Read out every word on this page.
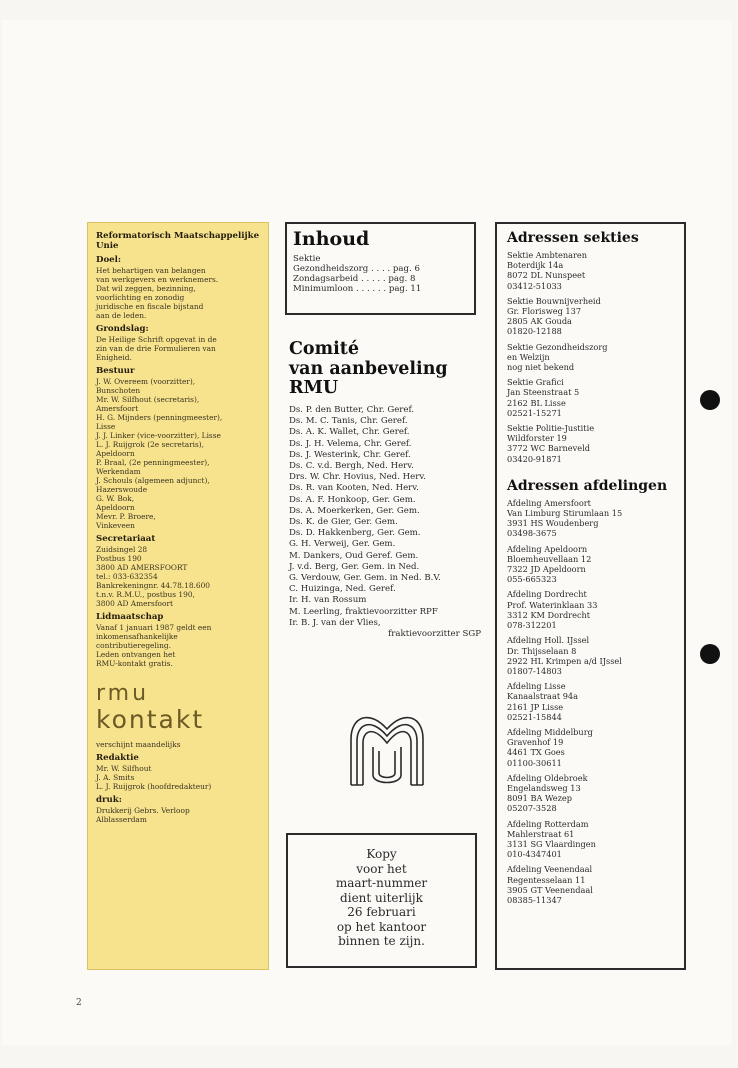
Reformatorisch Maatschappelijke Unie
Doel:

Het behartigen van belangen
van werkgevers en werknemers.
Dat wil zeggen, bezinning,
voorlichting en zonodig
juridische en fiscale bijstand
aan de leden.

Grondslag:

De Heilige Schrift opgevat in de
zin van de drie Formulieren van
Enigheid.

Bestuur

J. W. Overeem (voorzitter),
Bunschoten
Mr. W. Silfhout (secretaris),
Amersfoort
H. G. Mijnders (penningmeester),
Lisse
J. J. Linker (vice-voorzitter), Lisse
L. J. Ruijgrok (2e secretaris),
Apeldoorn
P. Braal, (2e penningmeester),
Werkendam
J. Schouls (algemeen adjunct),
Hazerswoude
G. W. Bok,
Apeldoorn
Mevr. P. Broere,
Vinkeveen

Secretariaat

Zuidsingel 28
Postbus 190
3800 AD AMERSFOORT
tel.: 033-632354
Bankrekeningnr. 44.78.18.600
t.n.v. R.M.U., postbus 190,
3800 AD Amersfoort

Lidmaatschap

Vanaf 1 januari 1987 geldt een
inkomensafhankelijke
contributieregeling.
Leden ontvangen het
RMU-kontakt gratis.

rmu
kontakt

verschijnt maandelijks

Redaktie

Mr. W. Silfhout
J. A. Smits
L. J. Ruijgrok (hoofdredakteur)

druk:

Drukkerij Gebrs. Verloop
Alblasserdam

Inhoud
Sektie
Gezondheidszorg . . . . pag. 6
Zondagsarbeid . . . . . pag. 8
Minimumloon . . . . . . pag. 11
Comité
van aanbeveling
RMU
Ds. P. den Butter, Chr. Geref.
Ds. M. C. Tanis, Chr. Geref.
Ds. A. K. Wallet, Chr. Geref.
Ds. J. H. Velema, Chr. Geref.
Ds. J. Westerink, Chr. Geref.
Ds. C. v.d. Bergh, Ned. Herv.
Drs. W. Chr. Hovius, Ned. Herv.
Ds. R. van Kooten, Ned. Herv.
Ds. A. F. Honkoop, Ger. Gem.
Ds. A. Moerkerken, Ger. Gem.
Ds. K. de Gier, Ger. Gem.
Ds. D. Hakkenberg, Ger. Gem.
G. H. Verweij, Ger. Gem.
M. Dankers, Oud Geref. Gem.
J. v.d. Berg, Ger. Gem. in Ned.
G. Verdouw, Ger. Gem. in Ned. B.V.
C. Huizinga, Ned. Geref.
Ir. H. van Rossum
M. Leerling, fraktievoorzitter RPF
Ir. B. J. van der Vlies,
fraktievoorzitter SGP
Kopy
voor het
maart-nummer
dient uiterlijk
26 februari
op het kantoor
binnen te zijn.
Adressen sekties
Sektie Ambtenaren
Boterdijk 14a
8072 DL Nunspeet
03412-51033
Sektie Bouwnijverheid
Gr. Florisweg 137
2805 AK Gouda
01820-12188
Sektie Gezondheidszorg
en Welzijn
nog niet bekend
Sektie Grafici
Jan Steenstraat 5
2162 BL Lisse
02521-15271
Sektie Politie-Justitie
Wildforster 19
3772 WC Barneveld
03420-91871
Adressen afdelingen
Afdeling Amersfoort
Van Limburg Stirumlaan 15
3931 HS Woudenberg
03498-3675
Afdeling Apeldoorn
Bloemheuvellaan 12
7322 JD Apeldoorn
055-665323
Afdeling Dordrecht
Prof. Waterinklaan 33
3312 KM Dordrecht
078-312201
Afdeling Holl. IJssel
Dr. Thijsselaan 8
2922 HL Krimpen a/d IJssel
01807-14803
Afdeling Lisse
Kanaalstraat 94a
2161 JP Lisse
02521-15844
Afdeling Middelburg
Gravenhof 19
4461 TX Goes
01100-30611
Afdeling Oldebroek
Engelandsweg 13
8091 BA Wezep
05207-3528
Afdeling Rotterdam
Mahlerstraat 61
3131 SG Vlaardingen
010-4347401
Afdeling Veenendaal
Regentesselaan 11
3905 GT Veenendaal
08385-11347
2
